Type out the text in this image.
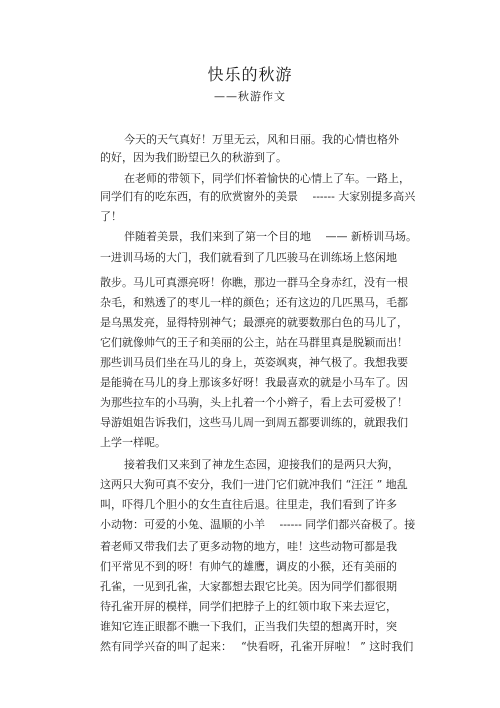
快乐的秋游
——秋游作文
今天的天气真好！万里无云，风和日丽。我的心情也格外
的好，因为我们盼望已久的秋游到了。
在老师的带领下，同学们怀着愉快的心情上了车。一路上，
同学们有的吃东西，有的欣赏窗外的美景　 ------ 大家别提多高兴
了！
伴随着美景，我们来到了第一个目的地　 —— 新桥训马场。
一进训马场的大门，我们就看到了几匹骏马在训练场上悠闲地
散步。马儿可真漂亮呀！你瞧，那边一群马全身赤红，没有一根
杂毛，和熟透了的枣儿一样的颜色；还有这边的几匹黑马，毛都
是乌黑发亮，显得特别神气；最漂亮的就要数那白色的马儿了，
它们就像帅气的王子和美丽的公主，站在马群里真是脱颖而出！
那些训马员们坐在马儿的身上，英姿飒爽，神气极了。我想我要
是能骑在马儿的身上那该多好呀！我最喜欢的就是小马车了。因
为那些拉车的小马驹，头上扎着一个小辫子，看上去可爱极了！
导游姐姐告诉我们，这些马儿周一到周五都要训练的，就跟我们
上学一样呢。
接着我们又来到了神龙生态园，迎接我们的是两只大狗，
这两只大狗可真不安分，我们一进门它们就冲我们 “汪汪 ” 地乱
叫，吓得几个胆小的女生直往后退。往里走，我们看到了许多
小动物：可爱的小兔、温顺的小羊　 ------ 同学们都兴奋极了。接
着老师又带我们去了更多动物的地方，哇！这些动物可都是我
们平常见不到的呀！有帅气的雄鹰，调皮的小猴，还有美丽的
孔雀，一见到孔雀，大家都想去跟它比美。因为同学们都很期
待孔雀开屏的模样，同学们把脖子上的红领巾取下来去逗它，
谁知它连正眼都不瞧一下我们，正当我们失望的想离开时，突
然有同学兴奋的叫了起来：　 “快看呀，孔雀开屏啦！ ” 这时我们
